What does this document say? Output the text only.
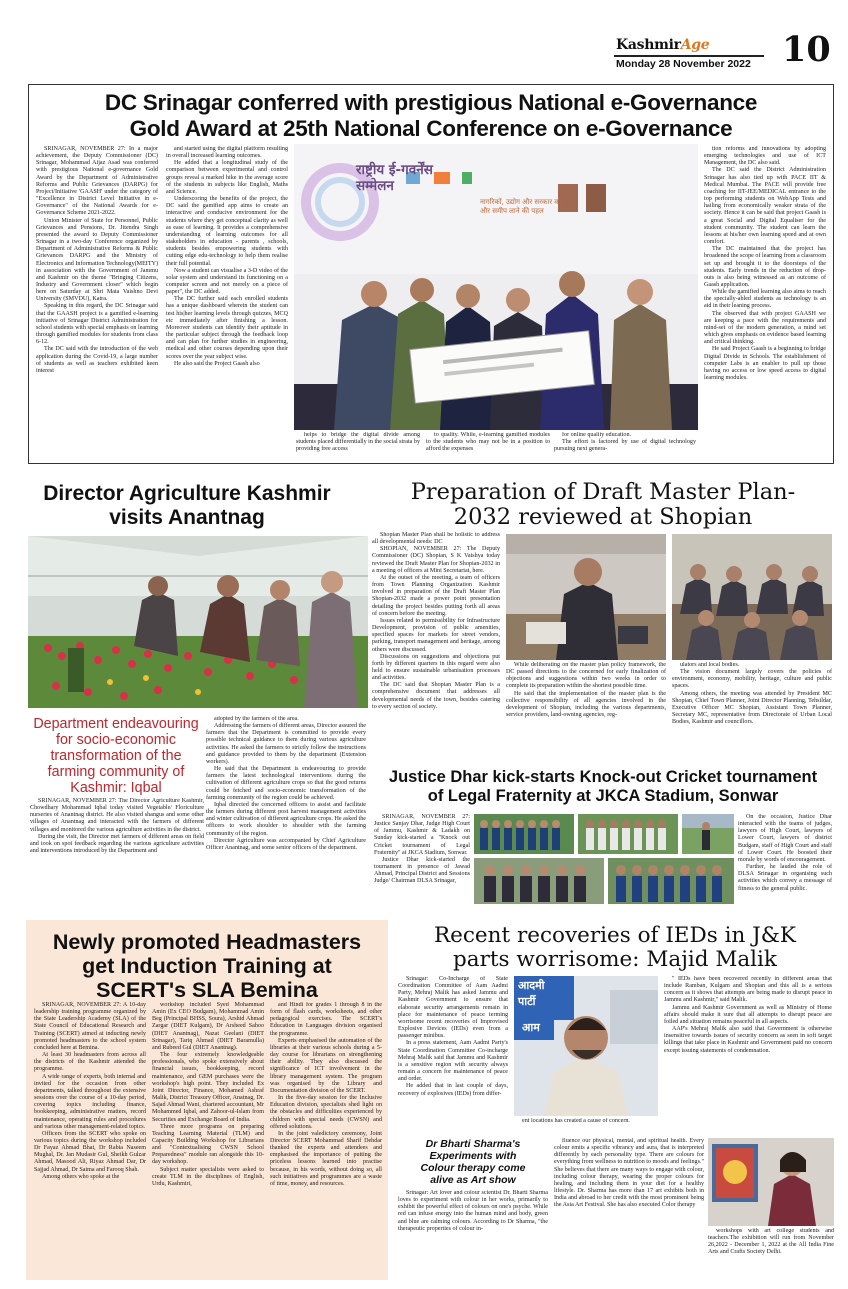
KashmirAge
Monday 28 November 2022 10
DC Srinagar conferred with prestigious National e-Governance
Gold Award at 25th National Conference on e-Governance

SRINAGAR, NOVEMBER 27: In a major achievement, the Deputy Commissioner (DC) Srinagar, Mohammad Aijaz Asad was conferred with prestigious National e-governance Gold Award by the Department of Administrative Reforms and Public Grievances (DARPG) for Project/Initiative 'GAASH' under the category of "Excellence in District Level Initiative in e-Governance" of the National Awards for e-Governance Scheme 2021-2022.

Union Minister of State for Personnel, Public Grievances and Pensions, Dr. Jitendra Singh presented the award to Deputy Commissioner Srinagar in a two-day Conference organized by Department of Administrative Reforms & Public Grievances DARPG and the Ministry of Electronics and Information Technology(MEITY) in association with the Government of Jammu and Kashmir on the theme "Bringing Citizens, Industry and Government closer" which begin here on Saturday at Shri Mata Vaishno Devi University (SMVDU), Katra.

Speaking in this regard, the DC Srinagar said that the GAASH project is a gamified e-learning initiative of Srinagar District Administration for school students with special emphasis on learning through gamified modules for students from class 6-12.

The DC said with the introduction of the web application during the Covid-19, a large number of students as well as teachers exhibited keen interest

and started using the digital platform resulting in overall increased learning outcomes.

He added that a longitudinal study of the comparison between experimental and control groups reveal a marked hike in the average score of the students in subjects like English, Maths and Science.

Underscoring the benefits of the project, the DC said the gamified app aims to create an interactive and conducive environment for the students where they get conceptual clarity as well as ease of learning. It provides a comprehensive understanding of learning outcomes for all stakeholders in education - parents , schools, students besides empowering students with cutting edge edu-technology to help them realise their full potential.

Now a student can visualise a 3-D video of the solar system and understand its functioning on a computer screen and not merely on a piece of paper", the DC added.

The DC further said each enrolled students has a unique dashboard wherein the student can test his|her learning levels through quizzes, MCQ etc immediately after finishing a lesson. Moreover students can identify their aptitude in the particular subject through the feedback loop and can plan for further studies in engineering, medical and other courses depending upon their scores over the year subject wise.

He also said the Project Gaash also

राष्ट्रीय ई-गवर्नेंस सम्मेलन
नागरिकों, उद्योग और सरकार को और समीप लाने की पहल

helps to bridge the digital divide among students placed differentially in the social strata by providing free access

to quality. While, e-learning gamified modules to the students who may not be in a position to afford the expenses

for online quality education.

The effort is factored by use of digital technology pursuing next genera-

tion reforms and innovations by adopting emerging technologies and use of ICT Management, the DC also said.

The DC said the District Administration Srinagar has also tied up with PACE IIT & Medical Mumbai. The PACE will provide free coaching for IIT-JEE/MEDICAL entrance to the top performing students on WebApp Tests and hailing from economically weaker strata of the society. Hence it can be said that project Gaash is a great Social and Digital Equaliser for the student community. The student can learn the lessons at his/her own learning speed and at own comfort.

The DC maintained that the project has broadened the scope of learning from a classroom set up and brought it to the doorsteps of the students. Early trends in the reduction of drop-outs is also being witnessed as an outcome of Gaash application.

While the gamified learning also aims to reach the specially-abled students as technology is an aid in their leaning process.

The observed that with project GAASH we are keeping a pace with the requirements and mind-set of the modern generation, a mind set which gives emphasis on evidence based learning and critical thinking.

He said Project Gaash is a beginning to bridge Digital Divide in Schools. The establishment of computer Labs is an enabler to pull up those having no access or low speed access to digital learning modules.

Director Agriculture Kashmir
visits Anantnag
Department endeavouring for socio-economic transformation of the farming community of Kashmir: Iqbal

SRINAGAR, NOVEMBER 27: The Director Agriculture Kashmir, Chowdhary Mohammad Iqbal today visited Vegetable/ Floriculture nurseries of Anantnag district. He also visited shangus and some other villages of Anantnag and interacted with the farmers of different villages and monitored the various agriculture activities in the district.

During the visit, the Director met farmers of different areas on field and took on spot feedback regarding the various agriculture activities and interventions introduced by the Department and

adopted by the farmers of the area.

Addressing the farmers of different areas, Director assured the farmers that the Department is committed to provide every possible technical guidance to them during various agriculture activities. He asked the farmers to strictly follow the instructions and guidance provided to them by the department (Extension workers).

He said that the Department is endeavouring to provide farmers the latest technological interventions during the cultivation of different agriculture crops so that the good returns could be fetched and socio-economic transformation of the farming community of the region could be achieved.

Iqbal directed the concerned officers to assist and facilitate the farmers during different post harvest management activities and winter cultivation of different agriculture crops. He asked the officers to work shoulder to shoulder with the farming community of the region.

Director Agriculture was accompanied by Chief Agriculture Officer Anantnag, and some senior officers of the department.

Preparation of Draft Master Plan-
2032 reviewed at Shopian

Shopian Master Plan shall be holistic to address all developmental needs: DC

SHOPIAN, NOVEMBER 27: The Deputy Commissioner (DC) Shopian, S K Vaishya today reviewed the Draft Master Plan for Shopian-2032 in a meeting of officers at Mini Secretariat, here.

At the outset of the meeting, a team of officers from Town Planning Organization Kashmir involved in preparation of the Draft Master Plan Shopian-2032 made a power point presentation detailing the project besides putting forth all areas of concern before the meeting.

Issues related to permissibility for Infrastructure Development, provision of public amenities, specified spaces for markets for street vendors, parking, transport management and heritage, among others were discussed.

Discussions on suggestions and objections put forth by different quarters in this regard were also held to ensure sustainable urbanisation processes and activities.

The DC said that Shopian Master Plan is a comprehensive document that addresses all developmental needs of the town, besides catering to every section of society.

While deliberating on the master plan policy framework, the DC passed directions to the concerned for early finalization of objections and suggestions within two weeks in order to complete its preparation within the shortest possible time.

He said that the implementation of the master plan is the collective responsibility of all agencies involved in the development of Shopian, including the various departments, service providers, land-owning agencies, reg-

ulators and local bodies.

The vision document largely covers the policies of environment, economy, mobility, heritage, culture and public spaces.

Among others, the meeting was attended by President MC Shopian, Chief Town Planner, Joint Director Planning, Tehsildar, Executive Officer MC Shopian, Assistant Town Planner, Secretary MC, representative from Directorate of Urban Local Bodies, Kashmir and councillors.

Justice Dhar kick-starts Knock-out Cricket tournament
of Legal Fraternity at JKCA Stadium, Sonwar

SRINAGAR, NOVEMBER 27: Justice Sanjay Dhar, Judge High Court of Jammu, Kashmir & Ladakh on Sunday kick-started a "Knock out Cricket tournament of Legal Fraternity" at JKCA Stadium, Sonwar.

Justice Dhar kick-started the tournament in presence of Jawad Ahmad, Principal District and Sessions Judge/ Chairman DLSA Srinagar,

On the occasion, Justice Dhar interacted with the teams of judges, lawyers of High Court, lawyers of Lower Court, lawyers of district Budgam, staff of High Court and staff of Lower Court. He boosted their morale by words of encouragement.

Further, he lauded the role of DLSA Srinagar in organising such activities which convey a message of fitness to the general public.

Newly promoted Headmasters
get Induction Training at
SCERT's SLA Bemina

SRINAGAR, NOVEMBER 27: A 10-day leadership training programme organized by the State Leadership Academy (SLA) of the State Council of Educational Research and Training (SCERT) aimed at inducting newly promoted headmasters to the school system concluded here at Bemina.

At least 30 headmasters from across all the districts of the Kashmir attended the programme.

A wide range of experts, both internal and invited for the occasion from other departments, talked throughout the extensive sessions over the course of a 10-day period, covering topics including finance, bookkeeping, administrative matters, record maintenance, operating rules and procedures and various other management-related topics.

Officers from the SCERT who spoke on various topics during the workshop included Dr Fayaz Ahmad Bhat, Dr Rabia Naseem Mughal, Dr. Jan Mudasir Gul, Sheikh Gulzar Ahmad, Masood Ali, Riyaz Ahmad Dar, Dr Sajjad Ahmad, Dr Saima and Farooq Shah.

Among others who spoke at the

workshop included Syed Mohammad Amin (Ex CEO Budgam), Mohammad Amin Beg (Principal BHSS, Soura), Arshid Ahmad Zargar (DIET Kulgam), Dr Arsheed Sahoo (DIET Anantnag), Nazat Geelani (DIET Srinagar), Tariq Ahmad (DIET Baramulla) and Rubeed Gul (DIET Anantnag).

The four extremely knowledgeable professionals, who spoke extensively about financial issues, bookkeeping, record maintenance, and GEM purchases were the workshop's high point. They included Ex Joint Director, Finance, Mohamed Ashraf Malik, District Treasury Officer, Anatnag, Dr. Sajad Ahmad Wani, chartered accountant, Mr Mohammed Iqbal, and Zahoor-ul-Islam from Securities and Exchange Board of India.

Three more programs on preparing Teaching Learning Material (TLM) and Capacity Building Workshop for Librarians and "Contextualising CWSN School Preparedness" module ran alongside this 10-day workshop.

Subject matter specialists were asked to create TLM in the disciplines of English, Urdu, Kashmiri,

and Hindi for grades 1 through 8 in the form of flash cards, worksheets, and other pedagogical exercises. The SCERT's Education in Languages division organised the programme.

Experts emphasised the automation of the libraries at their various schools during a 5-day course for librarians on strengthening their ability. They also discussed the significance of ICT involvement in the library management system. The program was organised by the Library and Documentation division of the SCERT.

In the five-day session for the Inclusive Education division, specialists shed light on the obstacles and difficulties experienced by children with special needs (CWSN) and offered solutions.

In the joint valedictory ceremony, Joint Director SCERT Mohammad Sharif Dehdar thanked the experts and attendees and emphasised the importance of putting the priceless lessons learned into practise because, in his words, without doing so, all such initiatives and programmes are a waste of time, money, and resources.

Recent recoveries of IEDs in J&K
parts worrisome: Majid Malik

Srinagar: Co-Incharge of State Coordination Committee of Aam Aadmi Party, Mehraj Malik has asked Jammu and Kashmir Government to ensure that elaborate security arrangements remain in place for maintenance of peace terming worrisome recent recoveries of Improvised Explosive Devices (IEDs) even from a passenger minibus.

In a press statement, Aam Aadmi Party's State Coordination Committee Co-incharge Mehraj Malik said that Jammu and Kashmir is a sensitive region with security always remain a concern for maintenance of peace and order.

He added that in last couple of days, recovery of explosives (IEDs) from differ-

आदमी
पार्टी
आम

ent locations has created a cause of concern.

" IEDs have been recovered recently in different areas that include Ramban, Kulgam and Shopian and this all is a serious concern as it shows that attempts are being made to disrupt peace in Jammu and Kashmir," said Malik.

Jammu and Kashmir Government as well as Ministry of Home affairs should make it sure that all attempts to disrupt peace are foiled and situation remains peaceful in all aspects.

AAP's Mehraj Malik also said that Government is otherwise insensitive towards issues of security concern as seen in soft target killings that take place in Kashmir and Government paid no concern except issuing statements of condemnation.

Dr Bharti Sharma's
Experiments with
Colour therapy come
alive as Art show

Srinagar: Art lover and colour scientist Dr. Bharti Sharma loves to experiment with colour in her works, primarily to exhibit the powerful effect of colours on one's psyche. While red can infuse energy into the human mind and body, green and blue are calming colours. According to Dr Sharma, "the therapeutic properties of colour in-

fluence our physical, mental, and spiritual health. Every colour emits a specific vibrancy and aura, that is interpreted differently by each personality type. There are colours for everything from wellness to nutrition to moods and feelings." She believes that there are many ways to engage with colour, including colour therapy, wearing the proper colours for healing, and including them in your diet for a healthy lifestyle. Dr. Sharma has more than 17 art exhibits both in India and abroad to her credit with the most prominent being the Asia Art Festival. She has also executed Color therapy

workshops with art college students and teachers.The exhibition will run from November 26,2022 - December 1, 2022 at the All India Fine Arts and Crafts Society Delhi.
